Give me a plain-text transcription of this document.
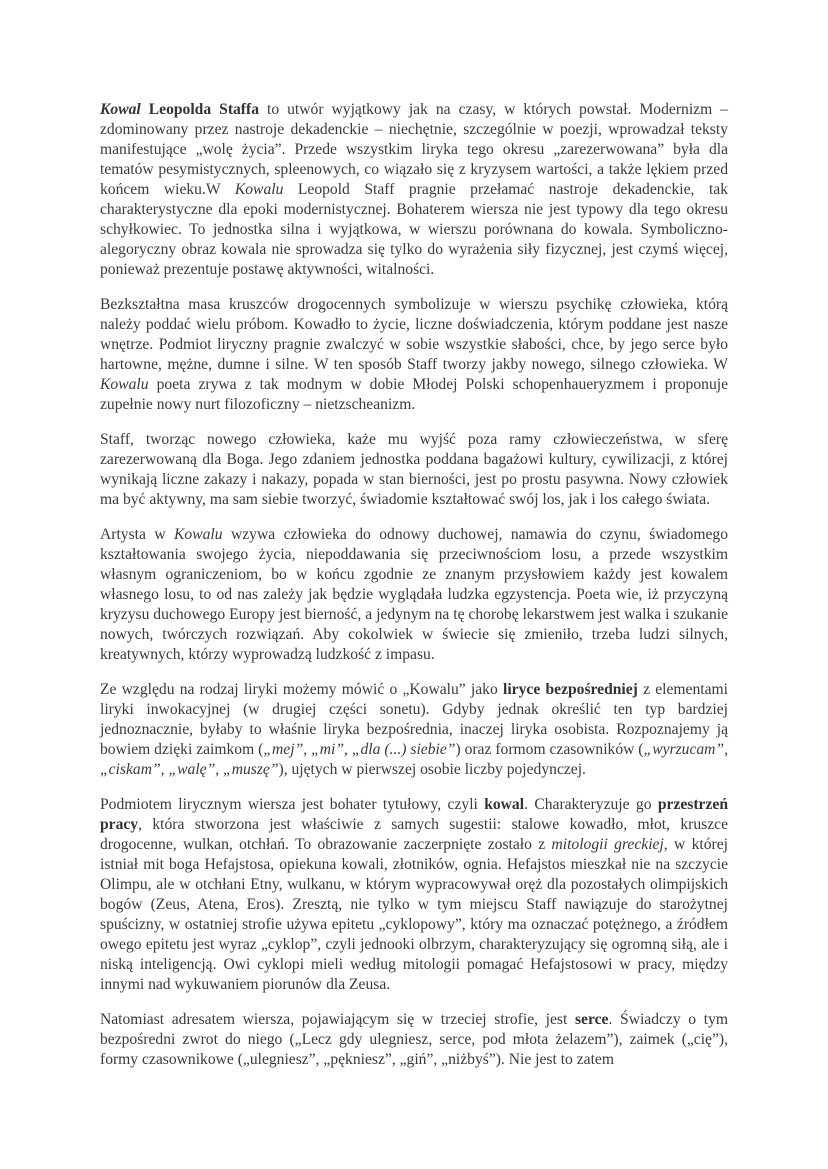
Kowal Leopolda Staffa to utwór wyjątkowy jak na czasy, w których powstał. Modernizm – zdominowany przez nastroje dekadenckie – niechętnie, szczególnie w poezji, wprowadzał teksty manifestujące „wolę życia”. Przede wszystkim liryka tego okresu „zarezerwowana” była dla tematów pesymistycznych, spleenowych, co wiązało się z kryzysem wartości, a także lękiem przed końcem wieku.W Kowalu Leopold Staff pragnie przełamać nastroje dekadenckie, tak charakterystyczne dla epoki modernistycznej. Bohaterem wiersza nie jest typowy dla tego okresu schyłkowiec. To jednostka silna i wyjątkowa, w wierszu porównana do kowala. Symboliczno-alegoryczny obraz kowala nie sprowadza się tylko do wyrażenia siły fizycznej, jest czymś więcej, ponieważ prezentuje postawę aktywności, witalności.

Bezkształtna masa kruszców drogocennych symbolizuje w wierszu psychikę człowieka, którą należy poddać wielu próbom. Kowadło to życie, liczne doświadczenia, którym poddane jest nasze wnętrze. Podmiot liryczny pragnie zwalczyć w sobie wszystkie słabości, chce, by jego serce było hartowne, mężne, dumne i silne. W ten sposób Staff tworzy jakby nowego, silnego człowieka. W Kowalu poeta zrywa z tak modnym w dobie Młodej Polski schopenhaueryzmem i proponuje zupełnie nowy nurt filozoficzny – nietzscheanizm.

Staff, tworząc nowego człowieka, każe mu wyjść poza ramy człowieczeństwa, w sferę zarezerwowaną dla Boga. Jego zdaniem jednostka poddana bagażowi kultury, cywilizacji, z której wynikają liczne zakazy i nakazy, popada w stan bierności, jest po prostu pasywna. Nowy człowiek ma być aktywny, ma sam siebie tworzyć, świadomie kształtować swój los, jak i los całego świata.

Artysta w Kowalu wzywa człowieka do odnowy duchowej, namawia do czynu, świadomego kształtowania swojego życia, niepoddawania się przeciwnościom losu, a przede wszystkim własnym ograniczeniom, bo w końcu zgodnie ze znanym przysłowiem każdy jest kowalem własnego losu, to od nas zależy jak będzie wyglądała ludzka egzystencja. Poeta wie, iż przyczyną kryzysu duchowego Europy jest bierność, a jedynym na tę chorobę lekarstwem jest walka i szukanie nowych, twórczych rozwiązań. Aby cokolwiek w świecie się zmieniło, trzeba ludzi silnych, kreatywnych, którzy wyprowadzą ludzkość z impasu.

Ze względu na rodzaj liryki możemy mówić o „Kowalu” jako liryce bezpośredniej z elementami liryki inwokacyjnej (w drugiej części sonetu). Gdyby jednak określić ten typ bardziej jednoznacznie, byłaby to właśnie liryka bezpośrednia, inaczej liryka osobista. Rozpoznajemy ją bowiem dzięki zaimkom („mej”, „mi”, „dla (...) siebie”) oraz formom czasowników („wyrzucam”, „ciskam”, „walę”, „muszę”), ujętych w pierwszej osobie liczby pojedynczej.

Podmiotem lirycznym wiersza jest bohater tytułowy, czyli kowal. Charakteryzuje go przestrzeń pracy, która stworzona jest właściwie z samych sugestii: stalowe kowadło, młot, kruszce drogocenne, wulkan, otchłań. To obrazowanie zaczerpnięte zostało z mitologii greckiej, w której istniał mit boga Hefajstosa, opiekuna kowali, złotników, ognia. Hefajstos mieszkał nie na szczycie Olimpu, ale w otchłani Etny, wulkanu, w którym wypracowywał oręż dla pozostałych olimpijskich bogów (Zeus, Atena, Eros). Zresztą, nie tylko w tym miejscu Staff nawiązuje do starożytnej spuścizny, w ostatniej strofie używa epitetu „cyklopowy”, który ma oznaczać potężnego, a źródłem owego epitetu jest wyraz „cyklop”, czyli jednooki olbrzym, charakteryzujący się ogromną siłą, ale i niską inteligencją. Owi cyklopi mieli według mitologii pomagać Hefajstosowi w pracy, między innymi nad wykuwaniem piorunów dla Zeusa.

Natomiast adresatem wiersza, pojawiającym się w trzeciej strofie, jest serce. Świadczy o tym bezpośredni zwrot do niego („Lecz gdy ulegniesz, serce, pod młota żelazem”), zaimek („cię”), formy czasownikowe („ulegniesz”, „pękniesz”, „giń”, „niżbyś”). Nie jest to zatem
